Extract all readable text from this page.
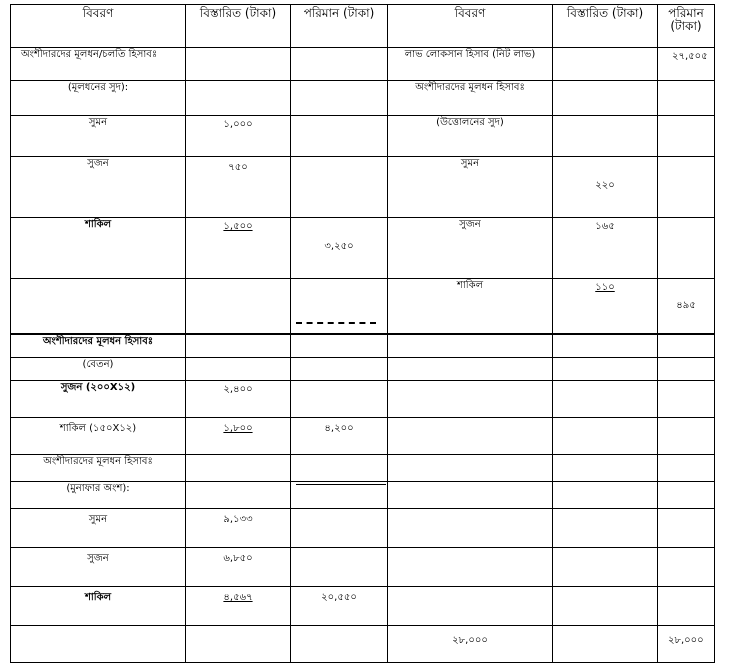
বিবরণ	বিস্তারিত (টাকা)	পরিমান (টাকা)	বিবরণ	বিস্তারিত (টাকা)	পরিমান (টাকা)
অংশীদারদের মূলধন/চলতি হিসাবঃ			লাভ লোকসান হিসাব (নিট লাভ)		২৭,৫০৫
(মূলধনের সুদ):			অংশীদারদের মূলধন হিসাবঃ		
সুমন	১,০০০		(উত্তোলনের সুদ)		
সুজন	৭৫০		সুমন	২২০	
শাকিল	১,৫০০	৩,২৫০	সুজন	১৬৫	
			শাকিল	১১০	৪৯৫
অংশীদারদের মূলধন হিসাবঃ					
(বেতন)					
সুজন (২০০X১২)	২,৪০০				
শাকিল (১৫০X১২)	১,৮০০	৪,২০০			
অংশীদারদের মূলধন হিসাবঃ					
(মুনাফার অংশ):					
সুমন	৯,১৩৩				
সুজন	৬,৮৫০				
শাকিল	৪,৫৬৭	২০,৫৫০			
			২৮,০০০		২৮,০০০
